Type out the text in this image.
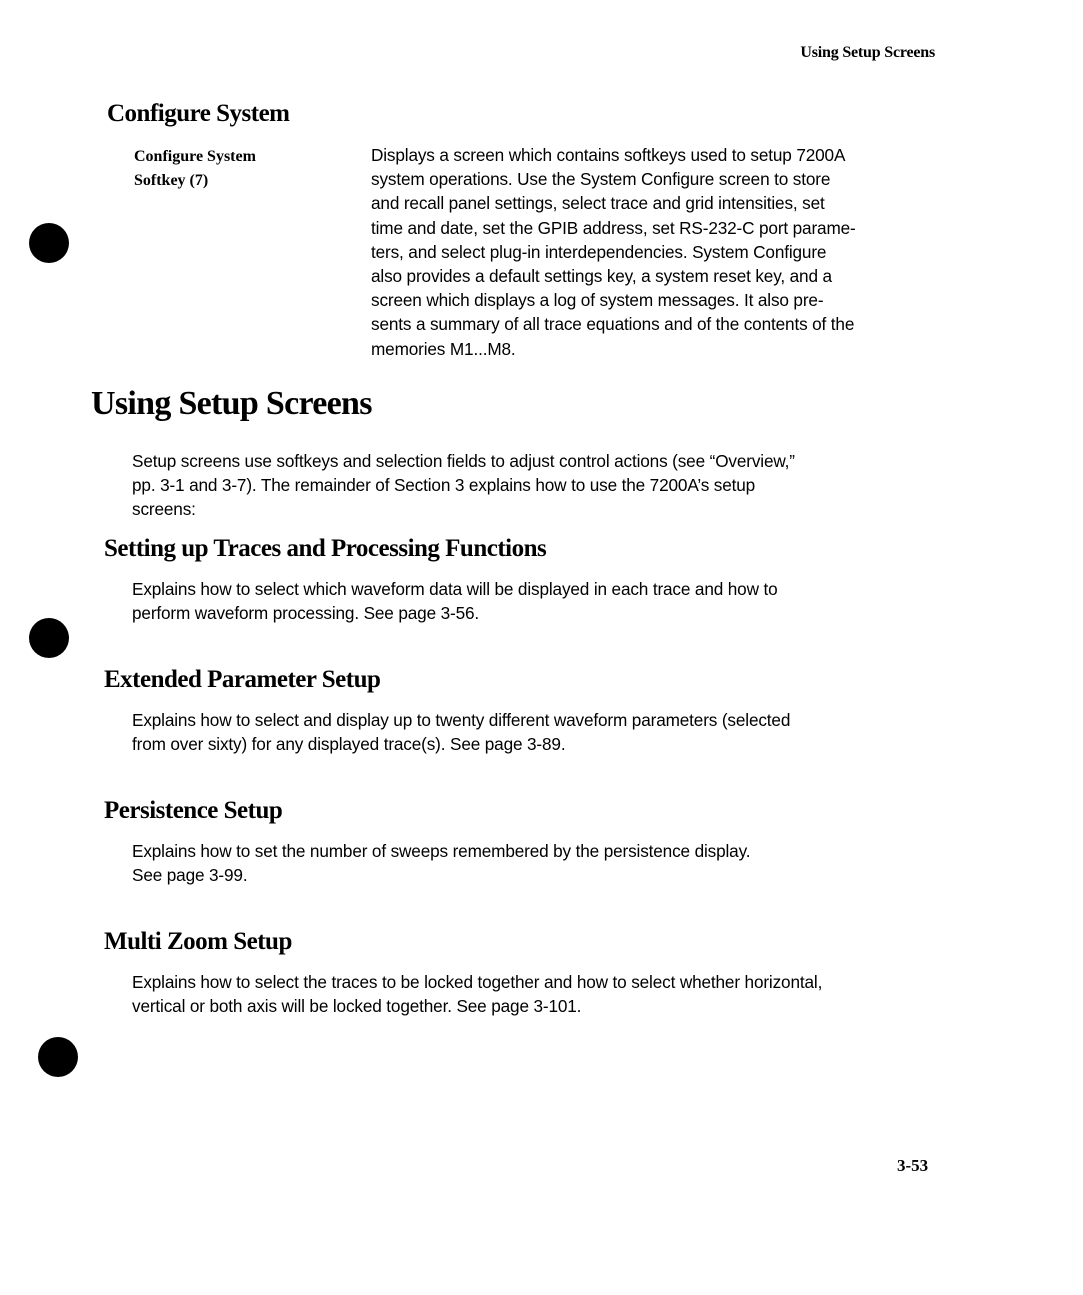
Using Setup Screens
Configure System
Configure System
Softkey (7)
Displays a screen which contains softkeys used to setup 7200A
system operations. Use the System Configure screen to store
and recall panel settings, select trace and grid intensities, set
time and date, set the GPIB address, set RS-232-C port parame-
ters, and select plug-in interdependencies. System Configure
also provides a default settings key, a system reset key, and a
screen which displays a log of system messages. It also pre-
sents a summary of all trace equations and of the contents of the
memories M1...M8.
Using Setup Screens
Setup screens use softkeys and selection fields to adjust control actions (see “Overview,”
pp. 3-1 and 3-7). The remainder of Section 3 explains how to use the 7200A’s setup
screens:
Setting up Traces and Processing Functions
Explains how to select which waveform data will be displayed in each trace and how to
perform waveform processing. See page 3-56.
Extended Parameter Setup
Explains how to select and display up to twenty different waveform parameters (selected
from over sixty) for any displayed trace(s). See page 3-89.
Persistence Setup
Explains how to set the number of sweeps remembered by the persistence display.
See page 3-99.
Multi Zoom Setup
Explains how to select the traces to be locked together and how to select whether horizontal,
vertical or both axis will be locked together. See page 3-101.
3-53
